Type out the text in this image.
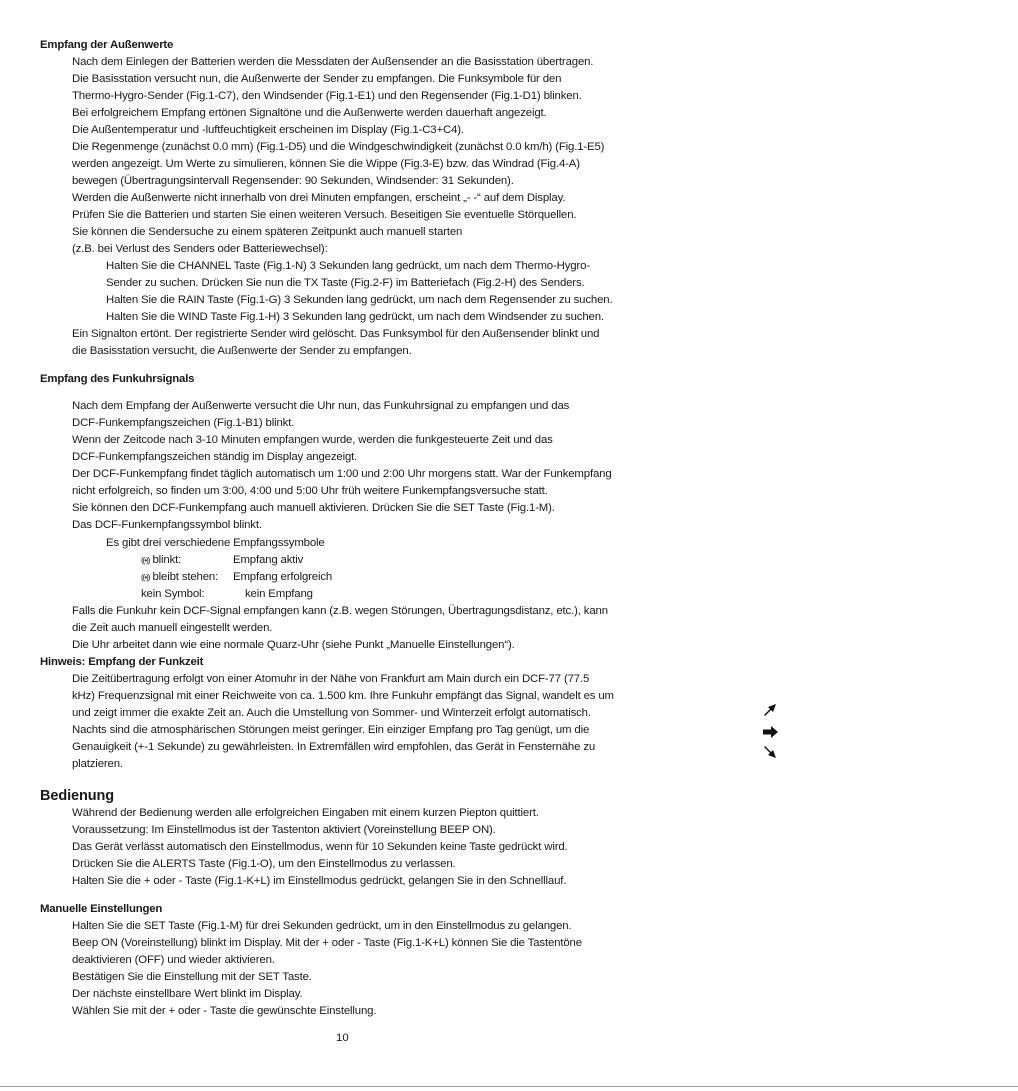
Empfang der Außenwerte
Nach dem Einlegen der Batterien werden die Messdaten der Außensender an die Basisstation übertragen.
Die Basisstation versucht nun, die Außenwerte der Sender zu empfangen. Die Funksymbole für den
Thermo-Hygro-Sender (Fig.1-C7), den Windsender (Fig.1-E1) und den Regensender (Fig.1-D1) blinken.
Bei erfolgreichem Empfang ertönen Signaltöne und die Außenwerte werden dauerhaft angezeigt.
Die Außentemperatur und -luftfeuchtigkeit erscheinen im Display (Fig.1-C3+C4).
Die Regenmenge (zunächst 0.0 mm) (Fig.1-D5) und die Windgeschwindigkeit (zunächst 0.0 km/h) (Fig.1-E5)
werden angezeigt. Um Werte zu simulieren, können Sie die Wippe (Fig.3-E) bzw. das Windrad (Fig.4-A)
bewegen (Übertragungsintervall Regensender: 90 Sekunden, Windsender: 31 Sekunden).
Werden die Außenwerte nicht innerhalb von drei Minuten empfangen, erscheint „- -“ auf dem Display.
Prüfen Sie die Batterien und starten Sie einen weiteren Versuch. Beseitigen Sie eventuelle Störquellen.
Sie können die Sendersuche zu einem späteren Zeitpunkt auch manuell starten
(z.B. bei Verlust des Senders oder Batteriewechsel):
Halten Sie die CHANNEL Taste (Fig.1-N) 3 Sekunden lang gedrückt, um nach dem Thermo-Hygro-
Sender zu suchen. Drücken Sie nun die TX Taste (Fig.2-F) im Batteriefach (Fig.2-H) des Senders.
Halten Sie die RAIN Taste (Fig.1-G) 3 Sekunden lang gedrückt, um nach dem Regensender zu suchen.
Halten Sie die WIND Taste Fig.1-H) 3 Sekunden lang gedrückt, um nach dem Windsender zu suchen.
Ein Signalton ertönt. Der registrierte Sender wird gelöscht. Das Funksymbol für den Außensender blinkt und
die Basisstation versucht, die Außenwerte der Sender zu empfangen.
Empfang des Funkuhrsignals
Nach dem Empfang der Außenwerte versucht die Uhr nun, das Funkuhrsignal zu empfangen und das
DCF-Funkempfangszeichen (Fig.1-B1) blinkt.
Wenn der Zeitcode nach 3-10 Minuten empfangen wurde, werden die funkgesteuerte Zeit und das
DCF-Funkempfangszeichen ständig im Display angezeigt.
Der DCF-Funkempfang findet täglich automatisch um 1:00 und 2:00 Uhr morgens statt. War der Funkempfang
nicht erfolgreich, so finden um 3:00, 4:00 und 5:00 Uhr früh weitere Funkempfangsversuche statt.
Sie können den DCF-Funkempfang auch manuell aktivieren. Drücken Sie die SET Taste (Fig.1-M).
Das DCF-Funkempfangssymbol blinkt.
Es gibt drei verschiedene Empfangssymbole
((•)) blinkt:	Empfang aktiv
((•)) bleibt stehen: Empfang erfolgreich
kein Symbol:	kein Empfang
Falls die Funkuhr kein DCF-Signal empfangen kann (z.B. wegen Störungen, Übertragungsdistanz, etc.), kann
die Zeit auch manuell eingestellt werden.
Die Uhr arbeitet dann wie eine normale Quarz-Uhr (siehe Punkt „Manuelle Einstellungen“).
Hinweis: Empfang der Funkzeit
Die Zeitübertragung erfolgt von einer Atomuhr in der Nähe von Frankfurt am Main durch ein DCF-77 (77.5
kHz) Frequenzsignal mit einer Reichweite von ca. 1.500 km. Ihre Funkuhr empfängt das Signal, wandelt es um
und zeigt immer die exakte Zeit an. Auch die Umstellung von Sommer- und Winterzeit erfolgt automatisch.
Nachts sind die atmosphärischen Störungen meist geringer. Ein einziger Empfang pro Tag genügt, um die
Genauigkeit (+-1 Sekunde) zu gewährleisten. In Extremfällen wird empfohlen, das Gerät in Fensternähe zu
platzieren.
Bedienung
Während der Bedienung werden alle erfolgreichen Eingaben mit einem kurzen Piepton quittiert.
Voraussetzung: Im Einstellmodus ist der Tastenton aktiviert (Voreinstellung BEEP ON).
Das Gerät verlässt automatisch den Einstellmodus, wenn für 10 Sekunden keine Taste gedrückt wird.
Drücken Sie die ALERTS Taste (Fig.1-O), um den Einstellmodus zu verlassen.
Halten Sie die + oder - Taste (Fig.1-K+L) im Einstellmodus gedrückt, gelangen Sie in den Schnelllauf.
Manuelle Einstellungen
Halten Sie die SET Taste (Fig.1-M) für drei Sekunden gedrückt, um in den Einstellmodus zu gelangen.
Beep ON (Voreinstellung) blinkt im Display. Mit der + oder - Taste (Fig.1-K+L) können Sie die Tastentöne
deaktivieren (OFF) und wieder aktivieren.
Bestätigen Sie die Einstellung mit der SET Taste.
Der nächste einstellbare Wert blinkt im Display.
Wählen Sie mit der + oder - Taste die gewünschte Einstellung.
10
